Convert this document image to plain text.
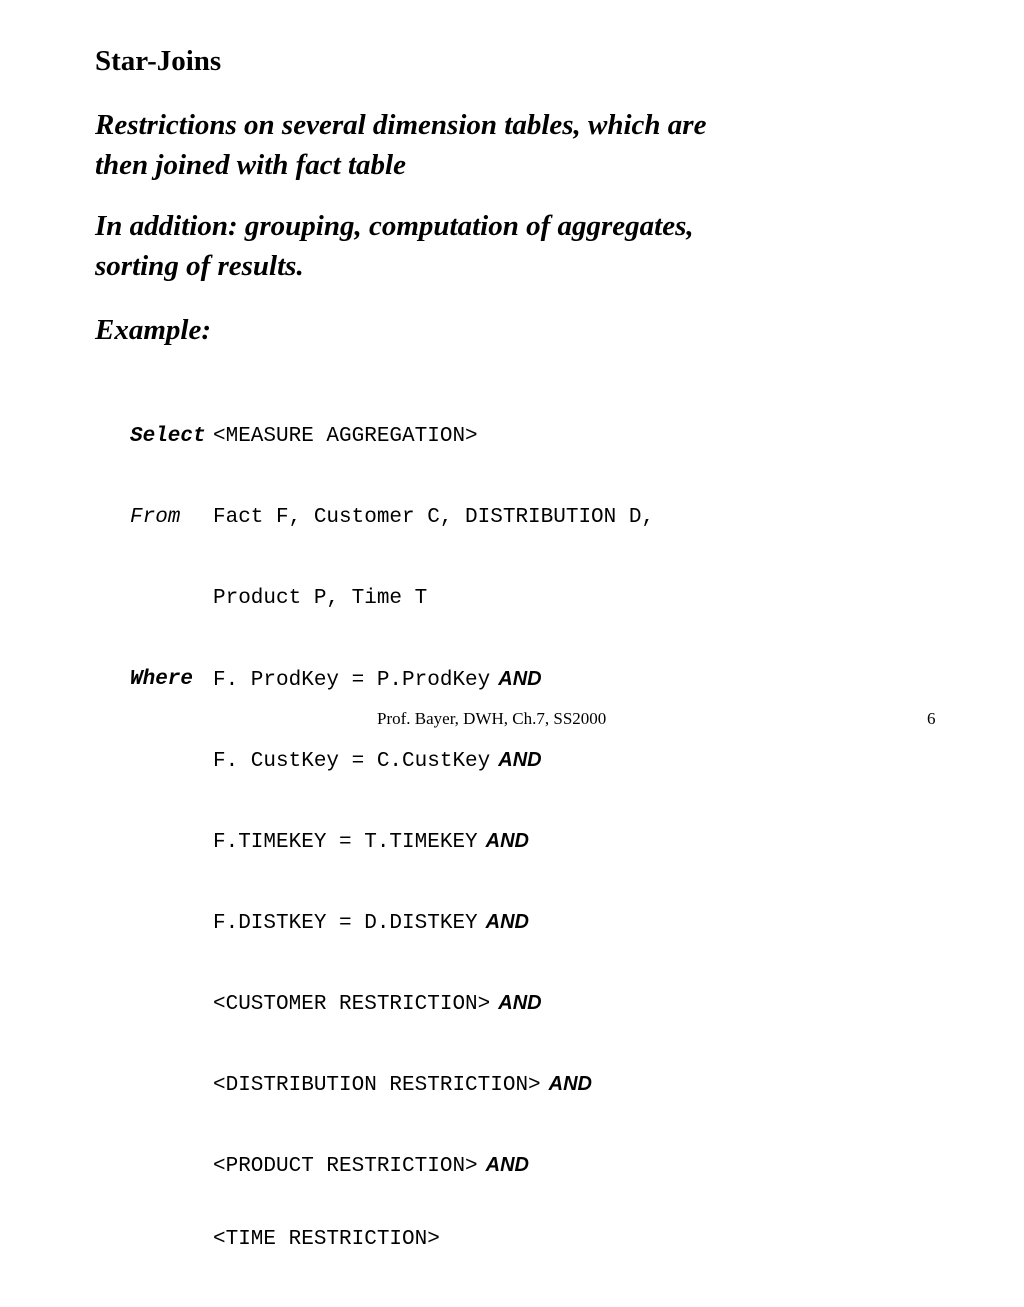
Star-Joins
Restrictions on several dimension tables, which are
then joined with fact table
In addition: grouping, computation of aggregates,
sorting of results.
Example:

Select

<MEASURE AGGREGATION>

From

Fact F, Customer C, DISTRIBUTION D,

Product P, Time T

Where

F. ProdKey = P.ProdKey AND

F. CustKey = C.CustKey AND

F.TIMEKEY = T.TIMEKEY AND

F.DISTKEY = D.DISTKEY AND

<CUSTOMER RESTRICTION> AND

<DISTRIBUTION RESTRICTION> AND

<PRODUCT RESTRICTION> AND

<TIME RESTRICTION>

Prof. Bayer, DWH, Ch.7, SS2000	6
